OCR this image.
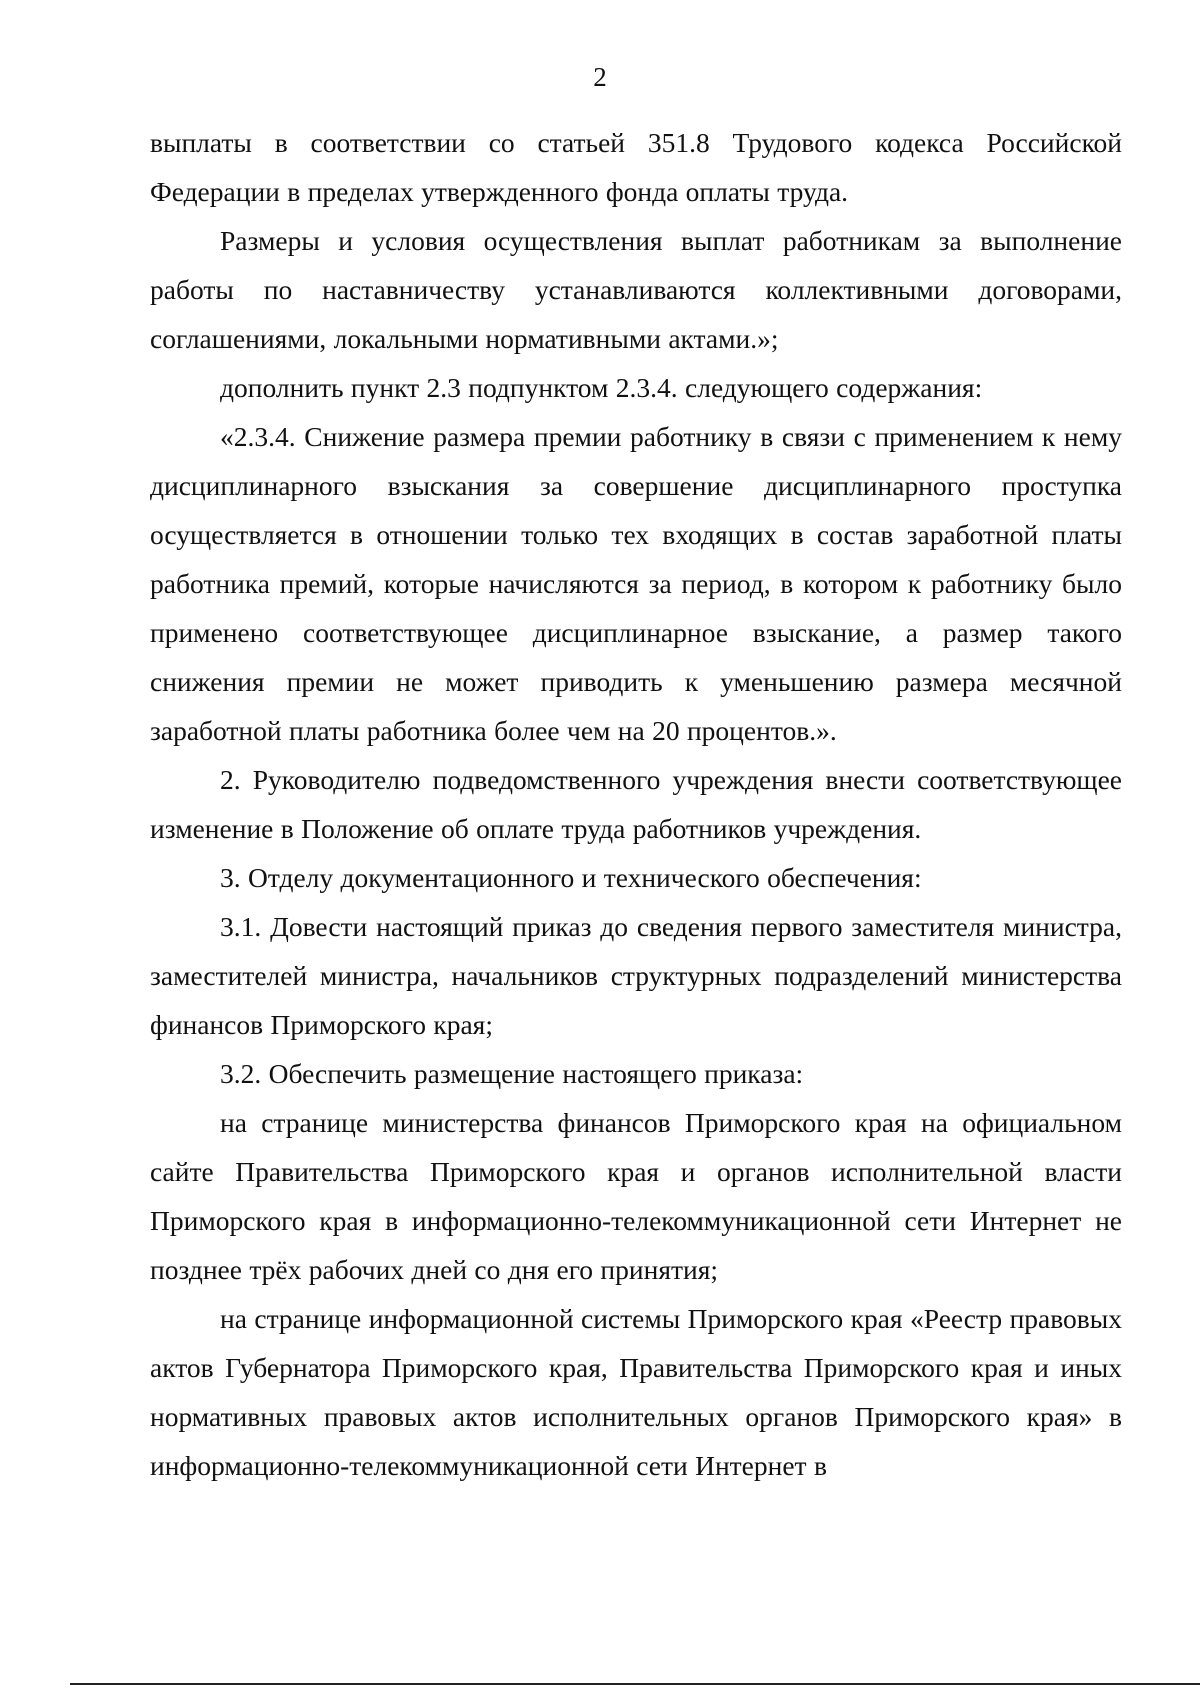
2

выплаты в соответствии со статьей 351.8 Трудового кодекса Российской Федерации в пределах утвержденного фонда оплаты труда.

Размеры и условия осуществления выплат работникам за выполнение работы по наставничеству устанавливаются коллективными договорами, соглашениями, локальными нормативными актами.»;

дополнить пункт 2.3 подпунктом 2.3.4. следующего содержания:

«2.3.4. Снижение размера премии работнику в связи с применением к нему дисциплинарного взыскания за совершение дисциплинарного проступка осуществляется в отношении только тех входящих в состав заработной платы работника премий, которые начисляются за период, в котором к работнику было применено соответствующее дисциплинарное взыскание, а размер такого снижения премии не может приводить к уменьшению размера месячной заработной платы работника более чем на 20 процентов.».

2. Руководителю подведомственного учреждения внести соответствующее изменение в Положение об оплате труда работников учреждения.

3. Отделу документационного и технического обеспечения:

3.1. Довести настоящий приказ до сведения первого заместителя министра, заместителей министра, начальников структурных подразделений министерства финансов Приморского края;

3.2. Обеспечить размещение настоящего приказа:

на странице министерства финансов Приморского края на официальном сайте Правительства Приморского края и органов исполнительной власти Приморского края в информационно-телекоммуникационной сети Интернет не позднее трёх рабочих дней со дня его принятия;

на странице информационной системы Приморского края «Реестр правовых актов Губернатора Приморского края, Правительства Приморского края и иных нормативных правовых актов исполнительных органов Приморского края» в информационно-телекоммуникационной сети Интернет в
